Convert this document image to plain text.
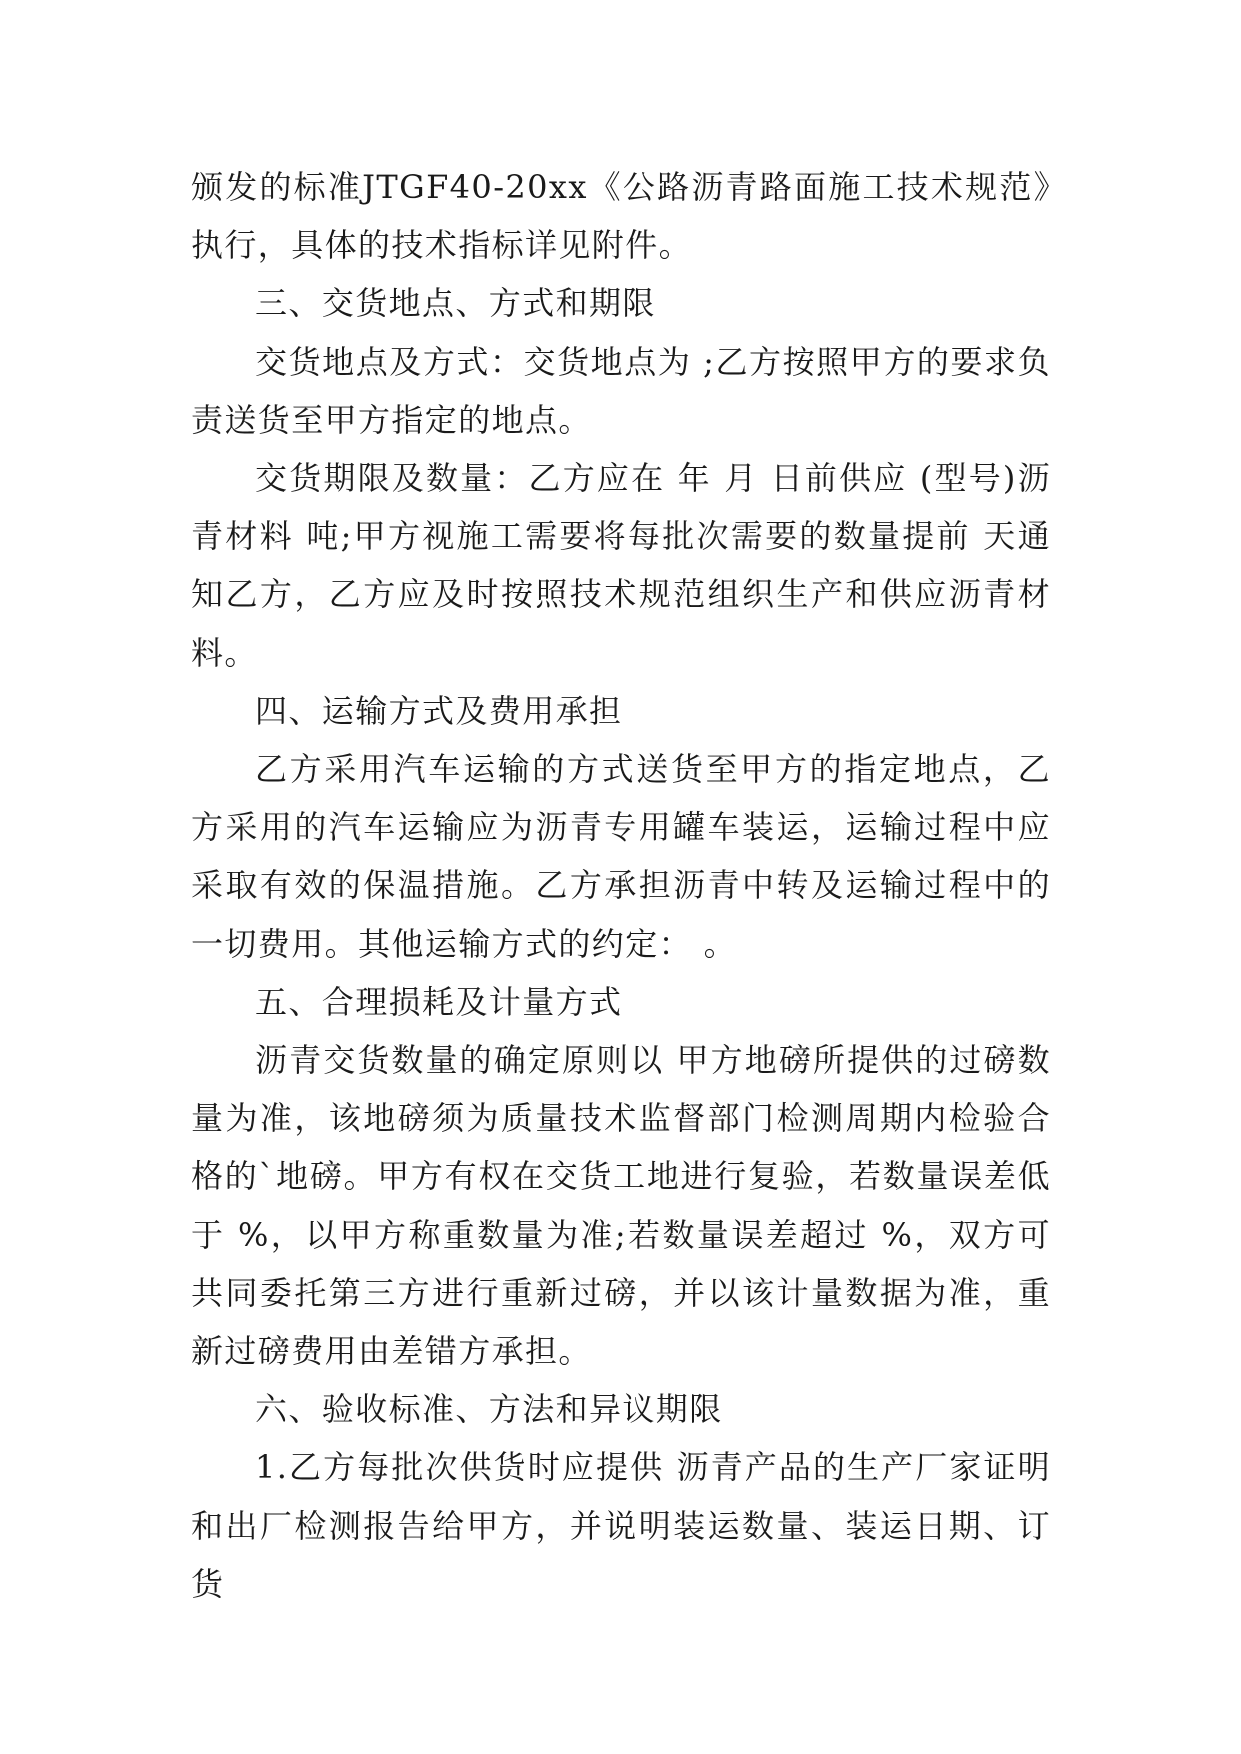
颁发的标准JTGF40-20xx《公路沥青路面施工技术规范》执行，具体的技术指标详见附件。

三、交货地点、方式和期限

交货地点及方式：交货地点为 ;乙方按照甲方的要求负责送货至甲方指定的地点。

交货期限及数量：乙方应在 年 月 日前供应 (型号)沥青材料 吨;甲方视施工需要将每批次需要的数量提前 天通知乙方，乙方应及时按照技术规范组织生产和供应沥青材料。

四、运输方式及费用承担

乙方采用汽车运输的方式送货至甲方的指定地点，乙方采用的汽车运输应为沥青专用罐车装运，运输过程中应采取有效的保温措施。乙方承担沥青中转及运输过程中的一切费用。其他运输方式的约定： 。

五、合理损耗及计量方式

沥青交货数量的确定原则以 甲方地磅所提供的过磅数量为准，该地磅须为质量技术监督部门检测周期内检验合格的`地磅。甲方有权在交货工地进行复验，若数量误差低于 %，以甲方称重数量为准;若数量误差超过 %，双方可共同委托第三方进行重新过磅，并以该计量数据为准，重新过磅费用由差错方承担。

六、验收标准、方法和异议期限

1.乙方每批次供货时应提供 沥青产品的生产厂家证明和出厂检测报告给甲方，并说明装运数量、装运日期、订货
